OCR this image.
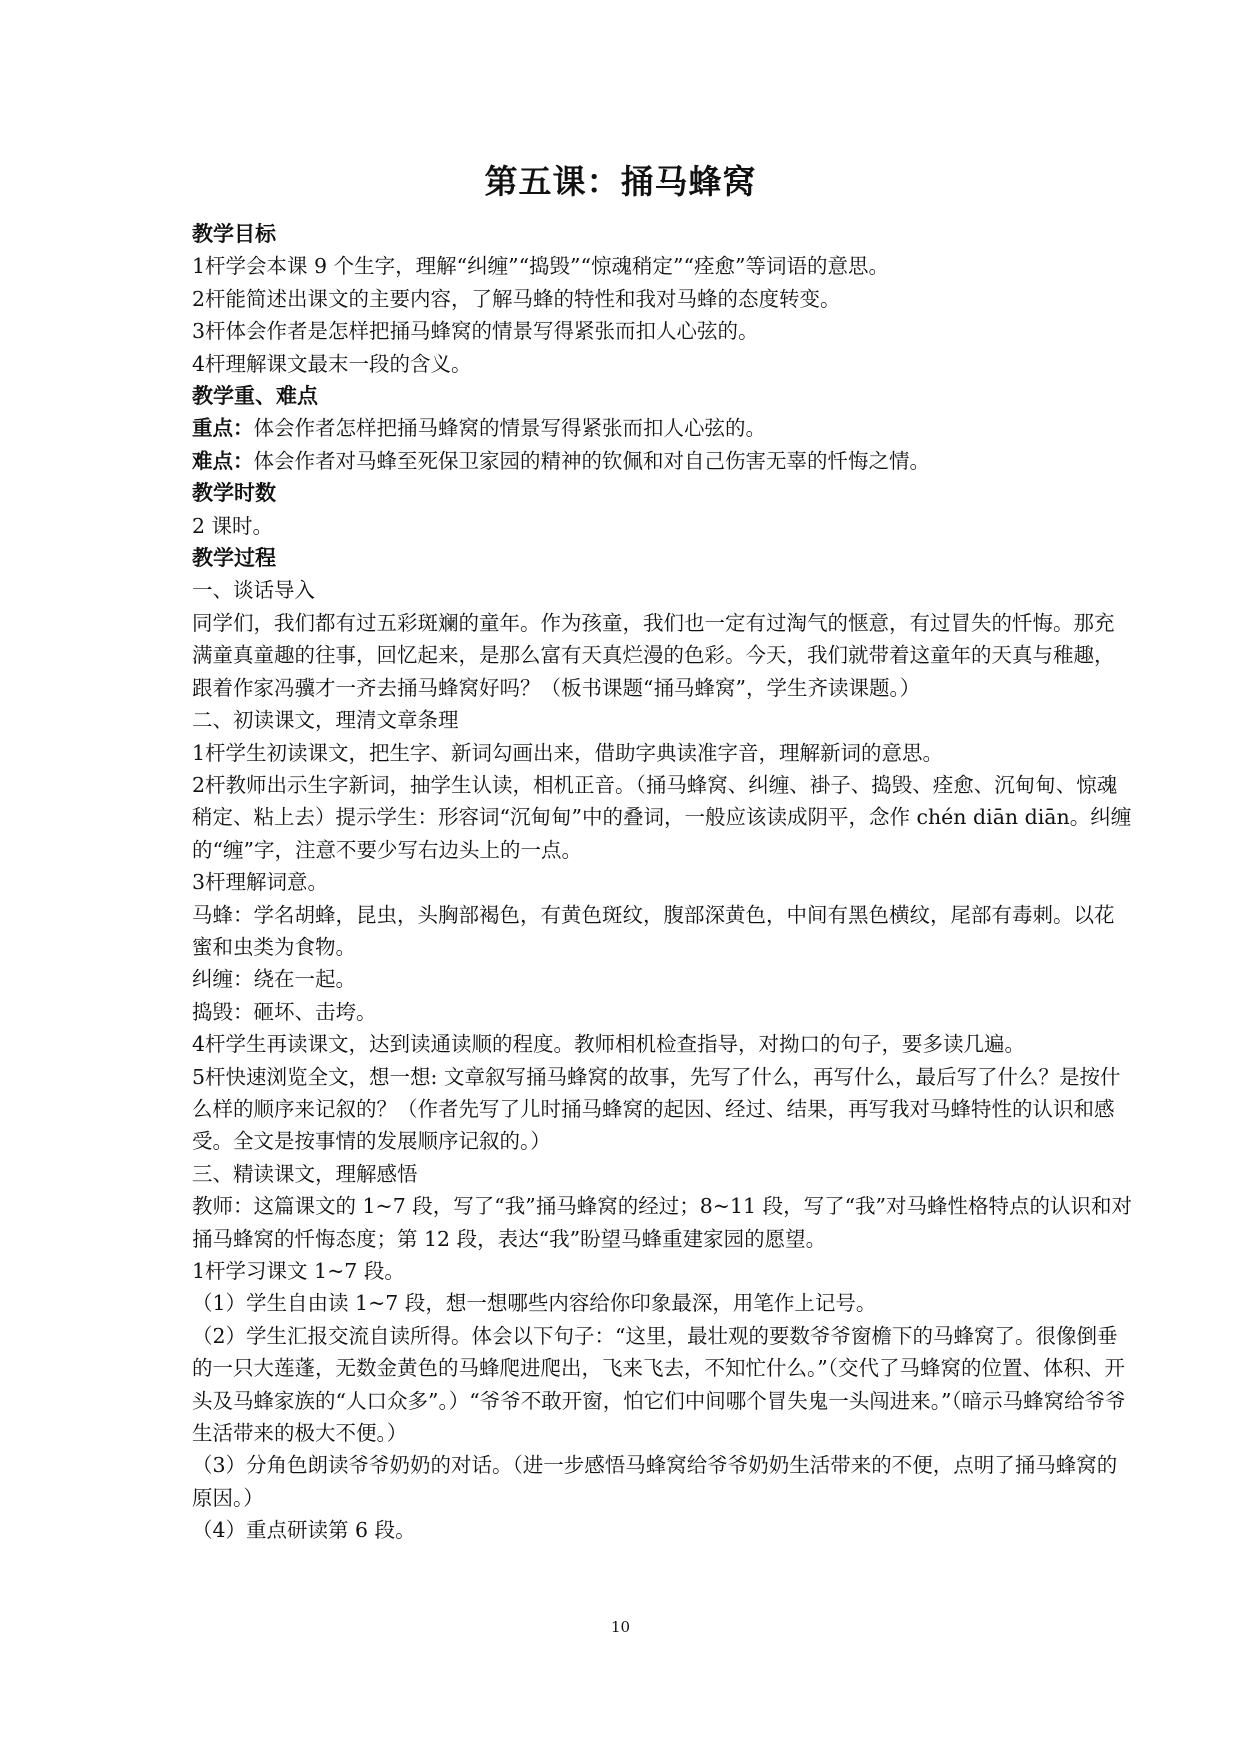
第五课：捅马蜂窝

教学目标

1杆学会本课 9 个生字，理解“纠缠”“捣毁”“惊魂稍定”“痊愈”等词语的意思。

2杆能简述出课文的主要内容，了解马蜂的特性和我对马蜂的态度转变。

3杆体会作者是怎样把捅马蜂窝的情景写得紧张而扣人心弦的。

4杆理解课文最末一段的含义。

教学重、难点

重点：体会作者怎样把捅马蜂窝的情景写得紧张而扣人心弦的。

难点：体会作者对马蜂至死保卫家园的精神的钦佩和对自己伤害无辜的忏悔之情。

教学时数

2 课时。

教学过程

一、谈话导入

同学们，我们都有过五彩斑斓的童年。作为孩童，我们也一定有过淘气的惬意，有过冒失的忏悔。那充满童真童趣的往事，回忆起来，是那么富有天真烂漫的色彩。今天，我们就带着这童年的天真与稚趣，跟着作家冯骥才一齐去捅马蜂窝好吗？（板书课题“捅马蜂窝”，学生齐读课题。）

二、初读课文，理清文章条理

1杆学生初读课文，把生字、新词勾画出来，借助字典读准字音，理解新词的意思。

2杆教师出示生字新词，抽学生认读，相机正音。（捅马蜂窝、纠缠、褂子、捣毁、痊愈、沉甸甸、惊魂稍定、粘上去）提示学生：形容词“沉甸甸”中的叠词，一般应该读成阴平，念作 chén diān diān。纠缠的“缠”字，注意不要少写右边头上的一点。

3杆理解词意。

马蜂：学名胡蜂，昆虫，头胸部褐色，有黄色斑纹，腹部深黄色，中间有黑色横纹，尾部有毒刺。以花蜜和虫类为食物。

纠缠：绕在一起。

捣毁：砸坏、击垮。

4杆学生再读课文，达到读通读顺的程度。教师相机检查指导，对拗口的句子，要多读几遍。

5杆快速浏览全文，想一想: 文章叙写捅马蜂窝的故事，先写了什么，再写什么，最后写了什么？是按什么样的顺序来记叙的？（作者先写了儿时捅马蜂窝的起因、经过、结果，再写我对马蜂特性的认识和感受。全文是按事情的发展顺序记叙的。）

三、精读课文，理解感悟

教师：这篇课文的 1~7 段，写了“我”捅马蜂窝的经过；8~11 段，写了“我”对马蜂性格特点的认识和对捅马蜂窝的忏悔态度；第 12 段，表达“我”盼望马蜂重建家园的愿望。

1杆学习课文 1~7 段。

（1）学生自由读 1~7 段，想一想哪些内容给你印象最深，用笔作上记号。

（2）学生汇报交流自读所得。体会以下句子：“这里，最壮观的要数爷爷窗檐下的马蜂窝了。很像倒垂的一只大莲蓬，无数金黄色的马蜂爬进爬出，飞来飞去，不知忙什么。”（交代了马蜂窝的位置、体积、开头及马蜂家族的“人口众多”。）“爷爷不敢开窗，怕它们中间哪个冒失鬼一头闯进来。”（暗示马蜂窝给爷爷生活带来的极大不便。）

（3）分角色朗读爷爷奶奶的对话。（进一步感悟马蜂窝给爷爷奶奶生活带来的不便，点明了捅马蜂窝的原因。）

（4）重点研读第 6 段。

10
